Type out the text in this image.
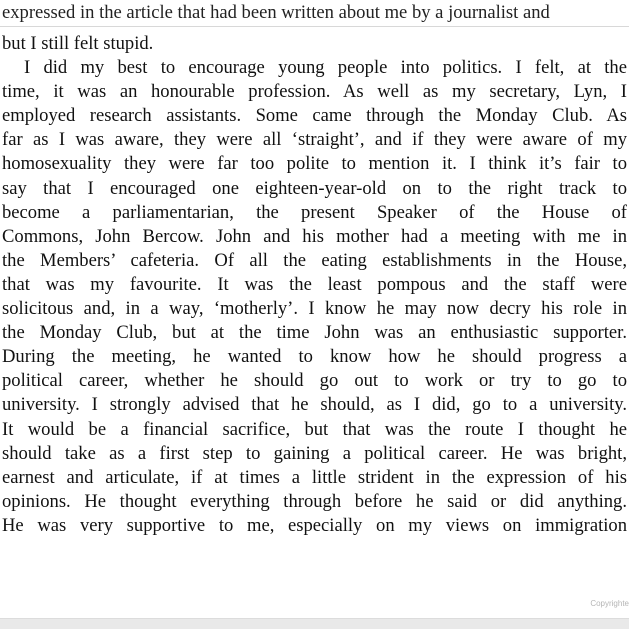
expressed in the article that had been written about me by a journalist and
but I still felt stupid.
I did my best to encourage young people into politics. I felt, at the
time, it was an honourable profession. As well as my secretary, Lyn, I
employed research assistants. Some came through the Monday Club. As
far as I was aware, they were all ‘straight’, and if they were aware of my
homosexuality they were far too polite to mention it. I think it’s fair to
say that I encouraged one eighteen-year-old on to the right track to
become a parliamentarian, the present Speaker of the House of
Commons, John Bercow. John and his mother had a meeting with me in
the Members’ cafeteria. Of all the eating establishments in the House,
that was my favourite. It was the least pompous and the staff were
solicitous and, in a way, ‘motherly’. I know he may now decry his role in
the Monday Club, but at the time John was an enthusiastic supporter.
During the meeting, he wanted to know how he should progress a
political career, whether he should go out to work or try to go to
university. I strongly advised that he should, as I did, go to a university.
It would be a financial sacrifice, but that was the route I thought he
should take as a first step to gaining a political career. He was bright,
earnest and articulate, if at times a little strident in the expression of his
opinions. He thought everything through before he said or did anything.
He was very supportive to me, especially on my views on immigration
Copyrighte
